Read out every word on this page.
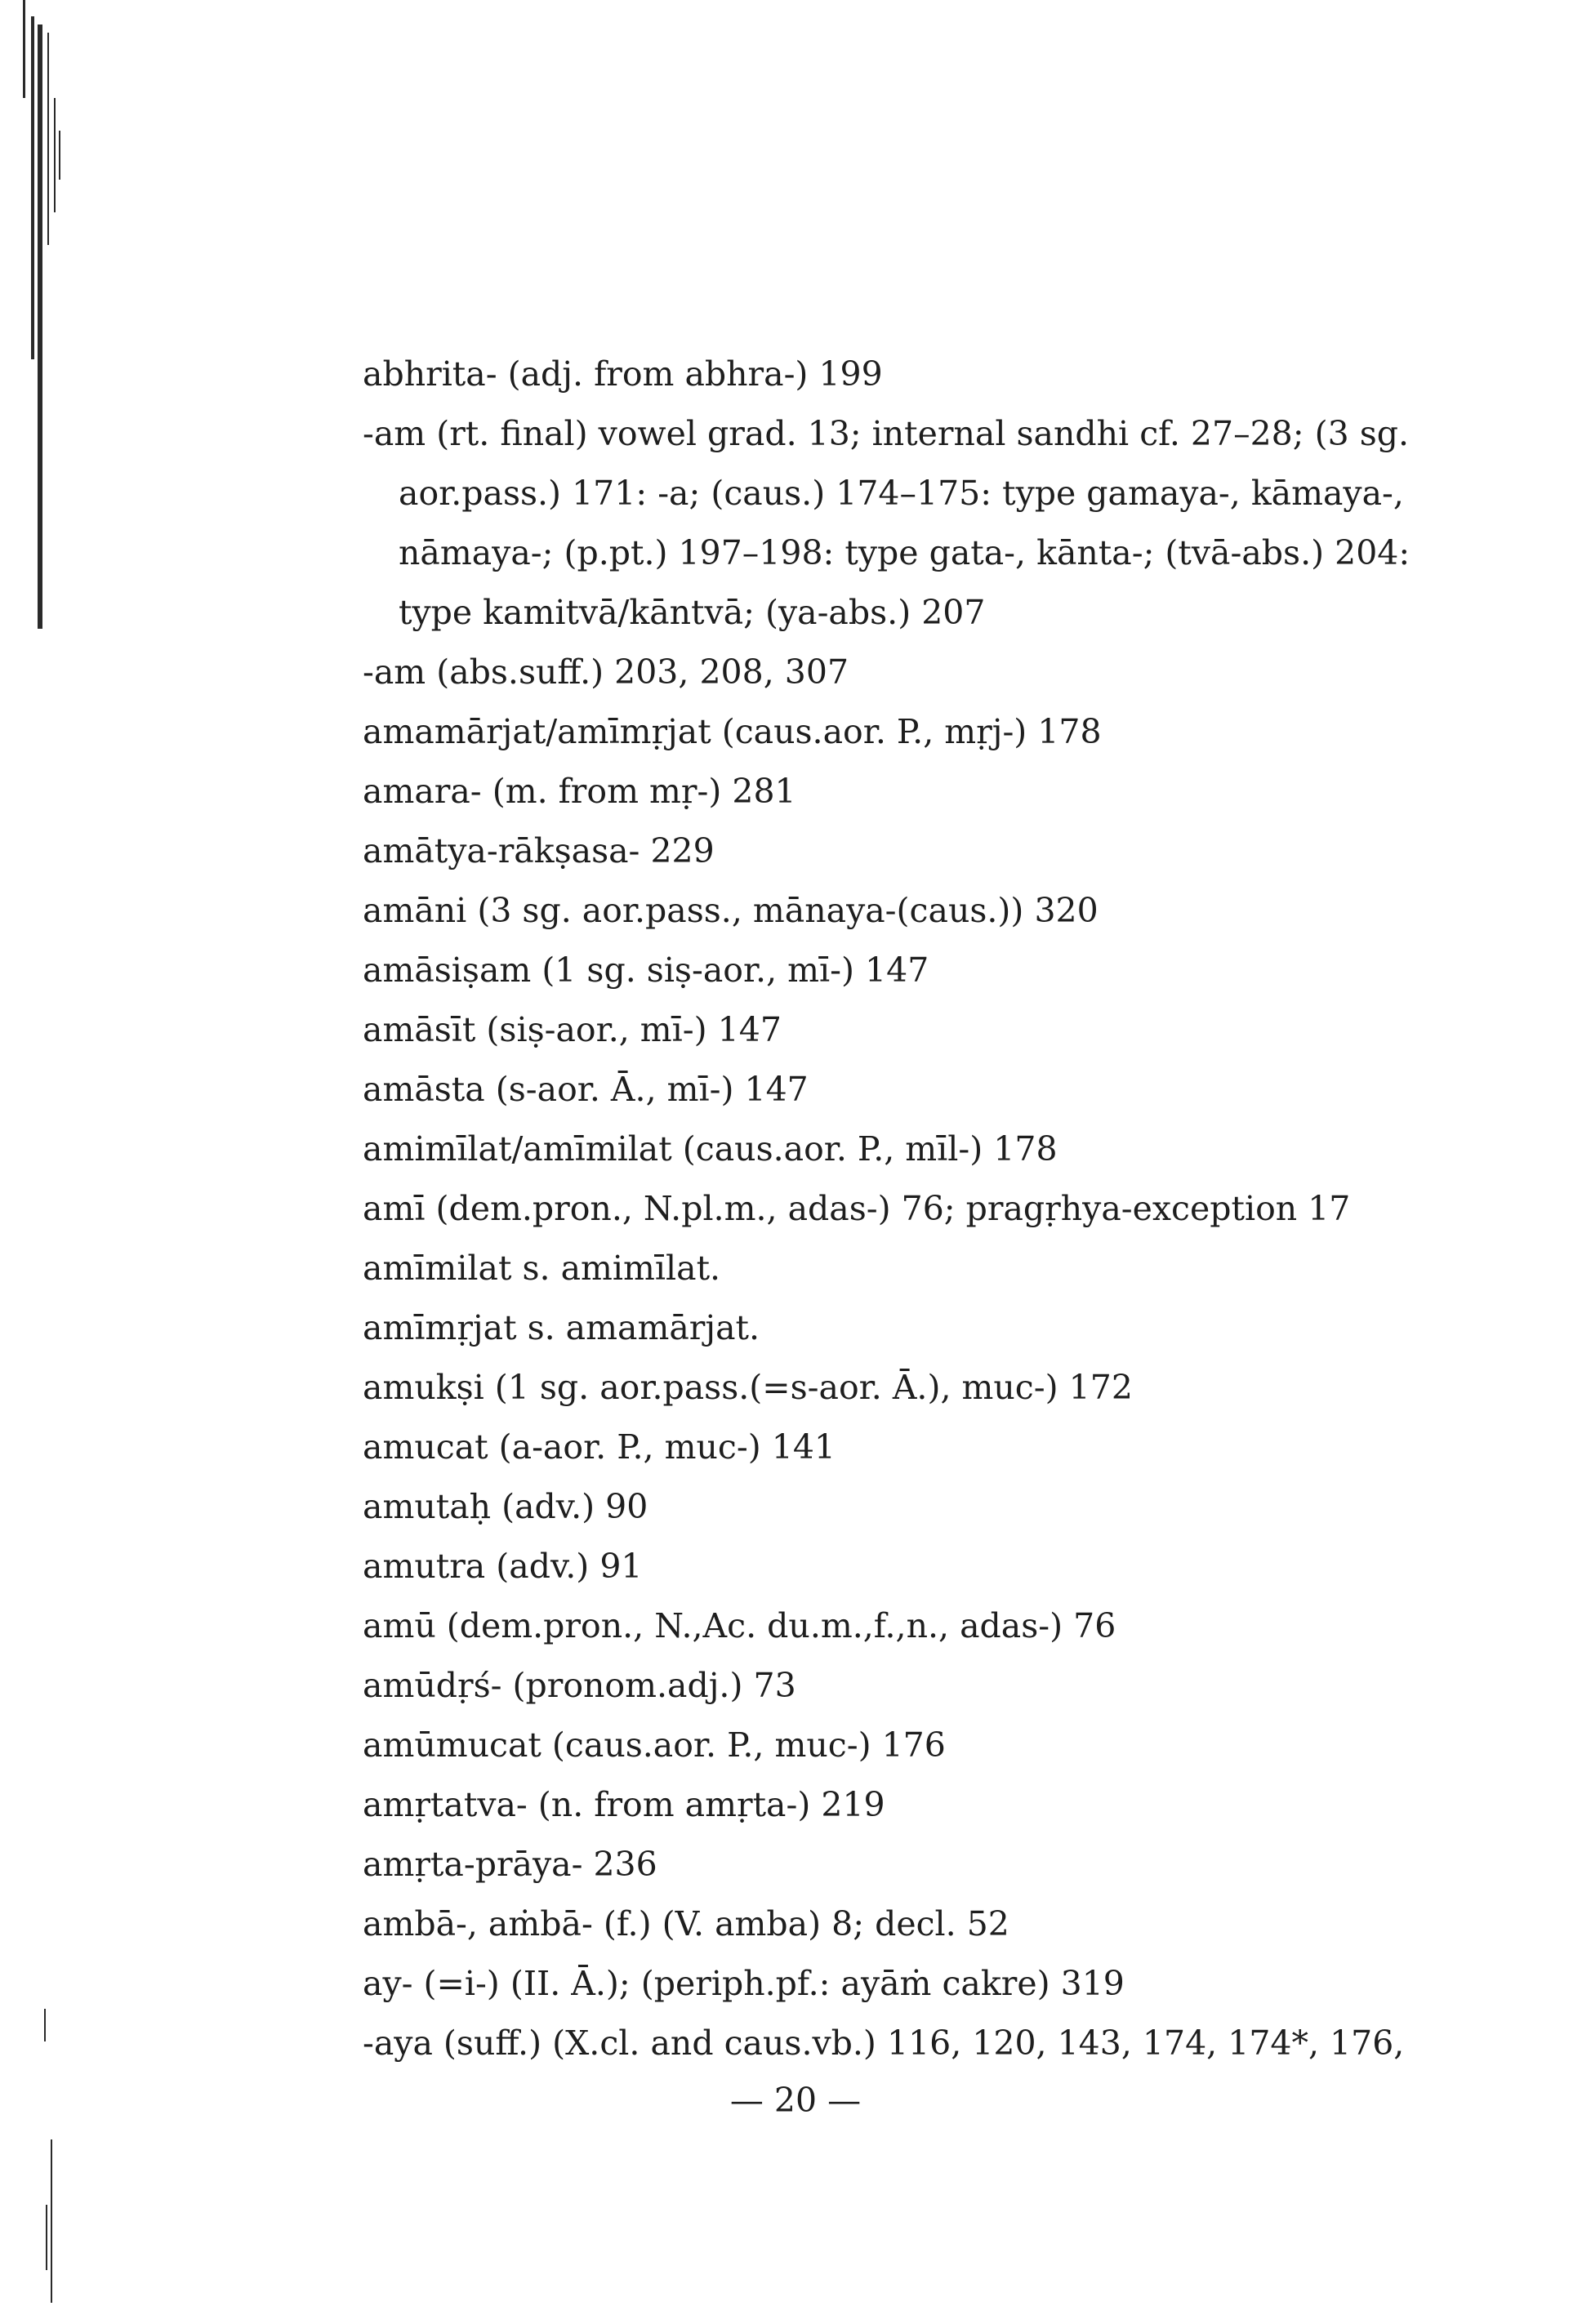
abhrita- (adj. from abhra-) 199
-am (rt. final) vowel grad. 13; internal sandhi cf. 27–28; (3 sg.
aor.pass.) 171: -a; (caus.) 174–175: type gamaya-, kāmaya-,
nāmaya-; (p.pt.) 197–198: type gata-, kānta-; (tvā-abs.) 204:
type kamitvā/kāntvā; (ya-abs.) 207
-am (abs.suff.) 203, 208, 307
amamārjat/amīmṛjat (caus.aor. P., mṛj-) 178
amara- (m. from mṛ-) 281
amātya-rākṣasa- 229
amāni (3 sg. aor.pass., mānaya-(caus.)) 320
amāsiṣam (1 sg. siṣ-aor., mī-) 147
amāsīt (siṣ-aor., mī-) 147
amāsta (s-aor. Ā., mī-) 147
amimīlat/amīmilat (caus.aor. P., mīl-) 178
amī (dem.pron., N.pl.m., adas-) 76; pragṛhya-exception 17
amīmilat s. amimīlat.
amīmṛjat s. amamārjat.
amukṣi (1 sg. aor.pass.(=s-aor. Ā.), muc-) 172
amucat (a-aor. P., muc-) 141
amutaḥ (adv.) 90
amutra (adv.) 91
amū (dem.pron., N.,Ac. du.m.,f.,n., adas-) 76
amūdṛś- (pronom.adj.) 73
amūmucat (caus.aor. P., muc-) 176
amṛtatva- (n. from amṛta-) 219
amṛta-prāya- 236
ambā-, aṁbā- (f.) (V. amba) 8; decl. 52
ay- (=i-) (II. Ā.); (periph.pf.: ayāṁ cakre) 319
-aya (suff.) (X.cl. and caus.vb.) 116, 120, 143, 174, 174*, 176,
— 20 —
